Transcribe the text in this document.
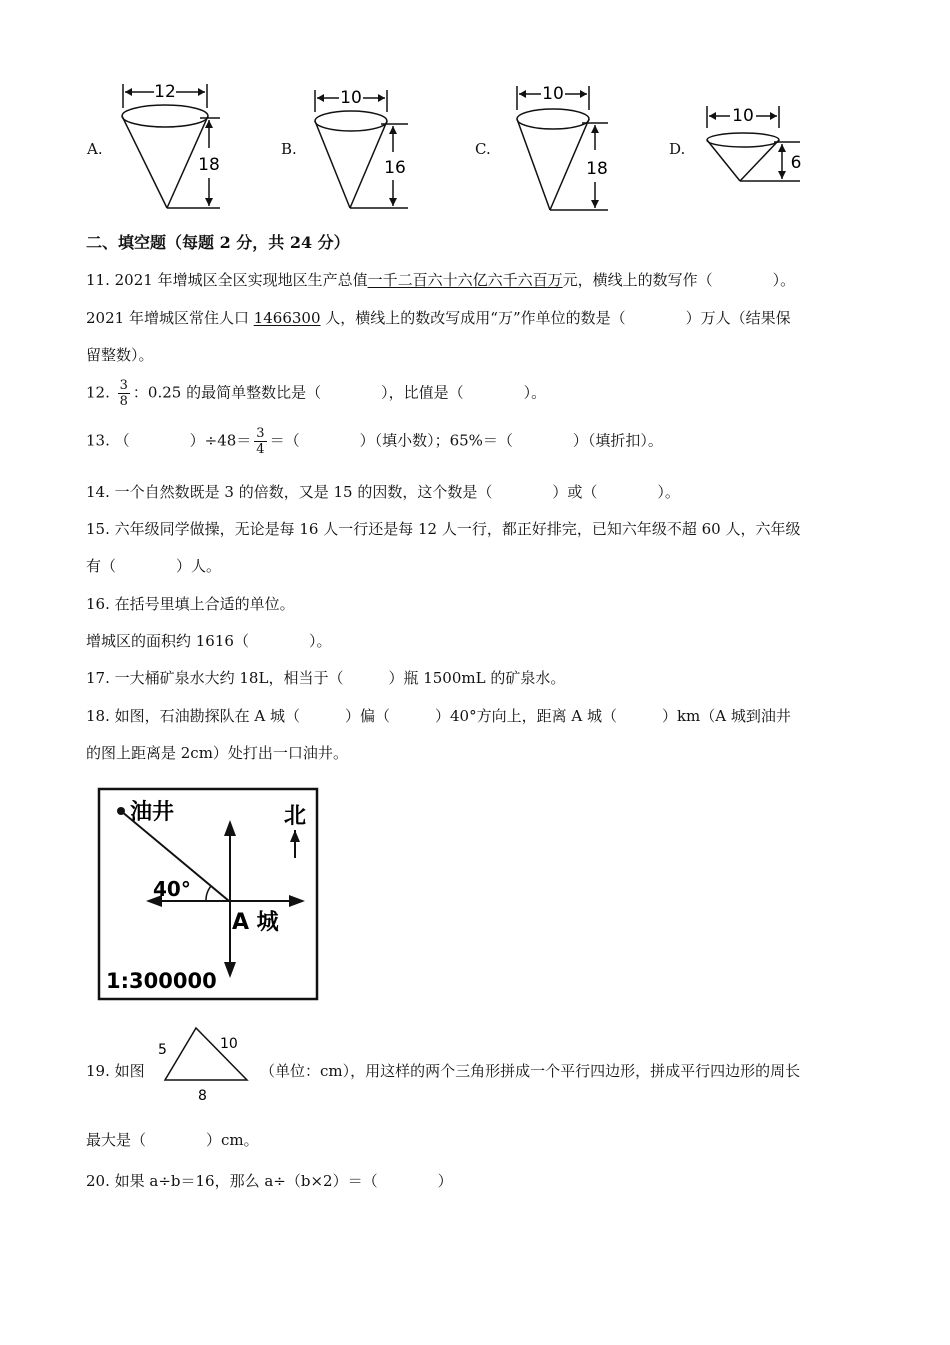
A.
12
18
B.
10
16
C.
10
18
D.
10
6
二、填空题（每题 2 分，共 24 分）
11. 2021 年增城区全区实现地区生产总值一千二百六十六亿六千六百万元，横线上的数写作（　　　　）。
2021 年增城区常住人口 1466300 人，横线上的数改写成用“万”作单位的数是（　　　　）万人（结果保
留整数）。
12. $\frac{3}{8}$ ：0.25 的最简单整数比是（　　　　），比值是（　　　　）。
13. （　　　　）$\div 48= \frac{3}{4}$ ＝（　　　　）（填小数）；65%＝（　　　　）（填折扣）。
14. 一个自然数既是 3 的倍数，又是 15 的因数，这个数是（　　　　）或（　　　　）。
15. 六年级同学做操，无论是每 16 人一行还是每 12 人一行，都正好排完，已知六年级不超 60 人，六年级
有（　　　　）人。
16. 在括号里填上合适的单位。
增城区的面积约 1616（　　　　）。
17. 一大桶矿泉水大约 18L，相当于（　　　）瓶 1500mL 的矿泉水。
18. 如图，石油勘探队在 A 城（　　　）偏（　　　）40°方向上，距离 A 城（　　　）km（A 城到油井
的图上距离是 2cm）处打出一口油井。
油井	北
40°
A 城
1:300000
19. 如图
5	10
8
（单位：cm），用这样的两个三角形拼成一个平行四边形，拼成平行四边形的周长
最大是（　　　　）cm。
20. 如果 a÷b＝16，那么 a÷（b×2）＝（　　　　）
